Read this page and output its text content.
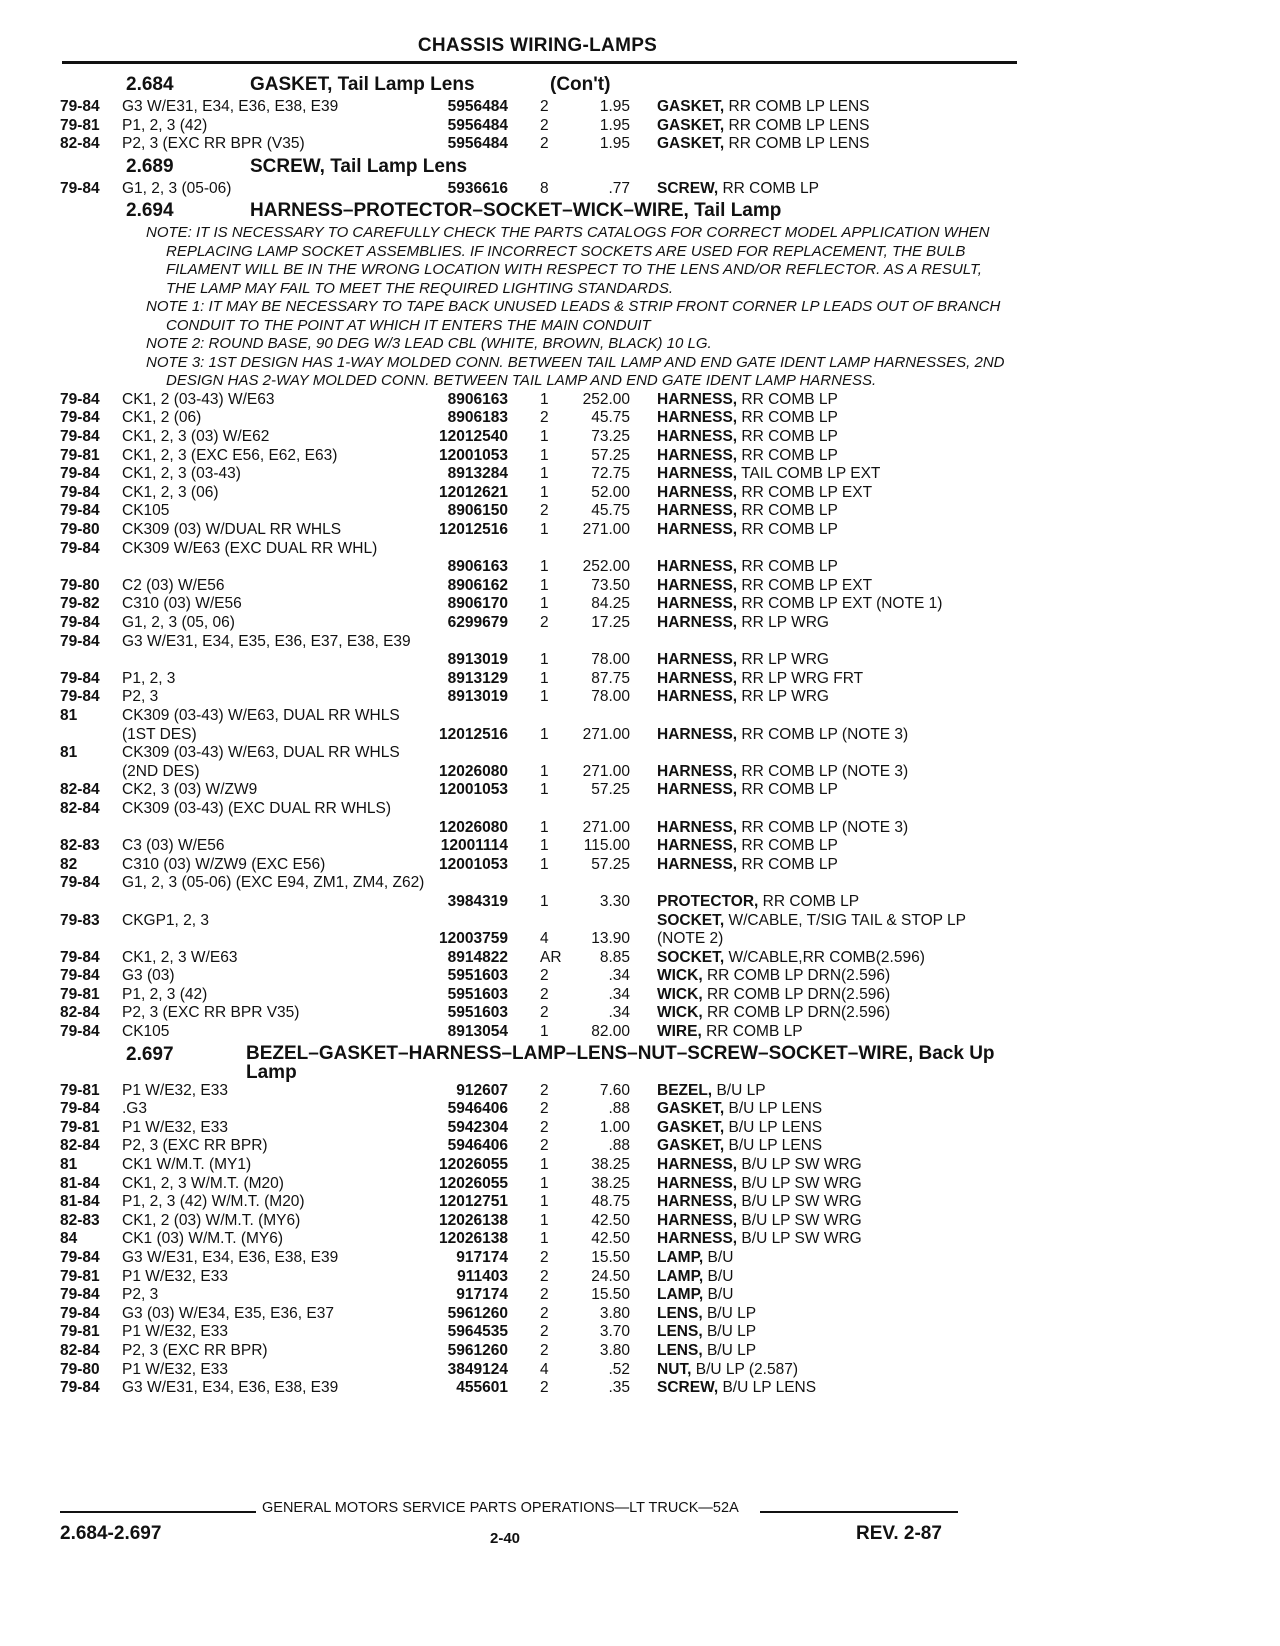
CHASSIS WIRING-LAMPS
2.684	GASKET, Tail Lamp Lens	(Con't)
79-84 G3 W/E31, E34, E36, E38, E39	5956484 2	1.95 GASKET, RR COMB LP LENS
79-81 P1, 2, 3 (42)	5956484 2	1.95 GASKET, RR COMB LP LENS
82-84 P2, 3 (EXC RR BPR (V35)	5956484 2	1.95 GASKET, RR COMB LP LENS
2.689	SCREW, Tail Lamp Lens
79-84 G1, 2, 3 (05-06)	5936616 8	.77 SCREW, RR COMB LP
2.694	HARNESS–PROTECTOR–SOCKET–WICK–WIRE, Tail Lamp
NOTE: IT IS NECESSARY TO CAREFULLY CHECK THE PARTS CATALOGS FOR CORRECT MODEL APPLICATION WHEN REPLACING LAMP SOCKET ASSEMBLIES. IF INCORRECT SOCKETS ARE USED FOR REPLACEMENT, THE BULB FILAMENT WILL BE IN THE WRONG LOCATION WITH RESPECT TO THE LENS AND/OR REFLECTOR. AS A RESULT, THE LAMP MAY FAIL TO MEET THE REQUIRED LIGHTING STANDARDS.
NOTE 1: IT MAY BE NECESSARY TO TAPE BACK UNUSED LEADS & STRIP FRONT CORNER LP LEADS OUT OF BRANCH CONDUIT TO THE POINT AT WHICH IT ENTERS THE MAIN CONDUIT
NOTE 2: ROUND BASE, 90 DEG W/3 LEAD CBL (WHITE, BROWN, BLACK) 10 LG.
NOTE 3: 1ST DESIGN HAS 1-WAY MOLDED CONN. BETWEEN TAIL LAMP AND END GATE IDENT LAMP HARNESSES, 2ND DESIGN HAS 2-WAY MOLDED CONN. BETWEEN TAIL LAMP AND END GATE IDENT LAMP HARNESS.
79-84 CK1, 2 (03-43) W/E63	8906163 1	252.00 HARNESS, RR COMB LP
79-84 CK1, 2 (06)	8906183 2	45.75 HARNESS, RR COMB LP
79-84 CK1, 2, 3 (03) W/E62	12012540 1	73.25 HARNESS, RR COMB LP
79-81 CK1, 2, 3 (EXC E56, E62, E63)	12001053 1	57.25 HARNESS, RR COMB LP
79-84 CK1, 2, 3 (03-43)	8913284 1	72.75 HARNESS, TAIL COMB LP EXT
79-84 CK1, 2, 3 (06)	12012621 1	52.00 HARNESS, RR COMB LP EXT
79-84 CK105	8906150 2	45.75 HARNESS, RR COMB LP
79-80 CK309 (03) W/DUAL RR WHLS	12012516 1	271.00 HARNESS, RR COMB LP
79-84 CK309 W/E63 (EXC DUAL RR WHL)
8906163 1	252.00 HARNESS, RR COMB LP
79-80 C2 (03) W/E56	8906162 1	73.50 HARNESS, RR COMB LP EXT
79-82 C310 (03) W/E56	8906170 1	84.25 HARNESS, RR COMB LP EXT (NOTE 1)
79-84 G1, 2, 3 (05, 06)	6299679 2	17.25 HARNESS, RR LP WRG
79-84 G3 W/E31, E34, E35, E36, E37, E38, E39
8913019 1	78.00 HARNESS, RR LP WRG
79-84 P1, 2, 3	8913129 1	87.75 HARNESS, RR LP WRG FRT
79-84 P2, 3	8913019 1	78.00 HARNESS, RR LP WRG
81	CK309 (03-43) W/E63, DUAL RR WHLS (1ST DES)	12012516 1	271.00 HARNESS, RR COMB LP (NOTE 3)
81	CK309 (03-43) W/E63, DUAL RR WHLS (2ND DES)	12026080 1	271.00 HARNESS, RR COMB LP (NOTE 3)
82-84 CK2, 3 (03) W/ZW9	12001053 1	57.25 HARNESS, RR COMB LP
82-84 CK309 (03-43) (EXC DUAL RR WHLS)
12026080 1	271.00 HARNESS, RR COMB LP (NOTE 3)
82-83 C3 (03) W/E56	12001114 1	115.00 HARNESS, RR COMB LP
82	C310 (03) W/ZW9 (EXC E56)	12001053 1	57.25 HARNESS, RR COMB LP
79-84 G1, 2, 3 (05-06) (EXC E94, ZM1, ZM4, Z62)
3984319 1	3.30 PROTECTOR, RR COMB LP
79-83 CKGP1, 2, 3
12003759 4	13.90
SOCKET, W/CABLE, T/SIG TAIL & STOP LP (NOTE 2)
79-84 CK1, 2, 3 W/E63	8914822 AR	8.85 SOCKET, W/CABLE,RR COMB(2.596)
79-84 G3 (03)	5951603 2	.34 WICK, RR COMB LP DRN(2.596)
79-81 P1, 2, 3 (42)	5951603 2	.34 WICK, RR COMB LP DRN(2.596)
82-84 P2, 3 (EXC RR BPR V35)	5951603 2	.34 WICK, RR COMB LP DRN(2.596)
79-84 CK105	8913054 1	82.00 WIRE, RR COMB LP
2.697	BEZEL–GASKET–HARNESS–LAMP–LENS–NUT–SCREW–SOCKET–WIRE, Back Up Lamp
79-81 P1 W/E32, E33	912607 2	7.60 BEZEL, B/U LP
79-84 .G3	5946406 2	.88 GASKET, B/U LP LENS
79-81 P1 W/E32, E33	5942304 2	1.00 GASKET, B/U LP LENS
82-84 P2, 3 (EXC RR BPR)	5946406 2	.88 GASKET, B/U LP LENS
81	CK1 W/M.T. (MY1)	12026055 1	38.25 HARNESS, B/U LP SW WRG
81-84 CK1, 2, 3 W/M.T. (M20)	12026055 1	38.25 HARNESS, B/U LP SW WRG
81-84 P1, 2, 3 (42) W/M.T. (M20)	12012751 1	48.75 HARNESS, B/U LP SW WRG
82-83 CK1, 2 (03) W/M.T. (MY6)	12026138 1	42.50 HARNESS, B/U LP SW WRG
84	CK1 (03) W/M.T. (MY6)	12026138 1	42.50 HARNESS, B/U LP SW WRG
79-84 G3 W/E31, E34, E36, E38, E39	917174 2	15.50 LAMP, B/U
79-81 P1 W/E32, E33	911403 2	24.50 LAMP, B/U
79-84 P2, 3	917174 2	15.50 LAMP, B/U
79-84 G3 (03) W/E34, E35, E36, E37	5961260 2	3.80 LENS, B/U LP
79-81 P1 W/E32, E33	5964535 2	3.70 LENS, B/U LP
82-84 P2, 3 (EXC RR BPR)	5961260 2	3.80 LENS, B/U LP
79-80 P1 W/E32, E33	3849124 4	.52 NUT, B/U LP (2.587)
79-84 G3 W/E31, E34, E36, E38, E39	455601 2	.35 SCREW, B/U LP LENS
GENERAL MOTORS SERVICE PARTS OPERATIONS—LT TRUCK—52A
2.684-2.697	2-40	REV. 2-87
